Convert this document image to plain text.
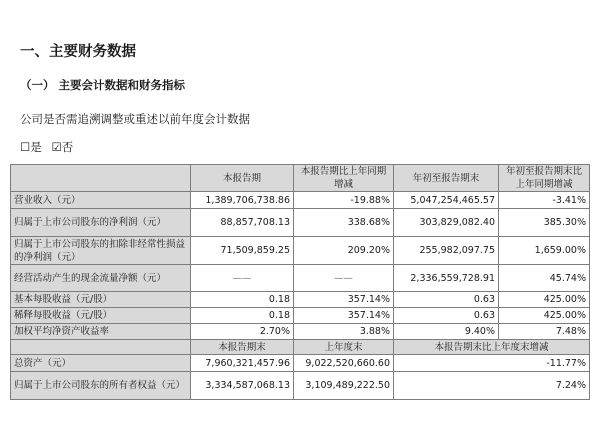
一、主要财务数据
（一） 主要会计数据和财务指标
公司是否需追溯调整或重述以前年度会计数据
☐是 ☑否
	本报告期	本报告期比上年同期增减	年初至报告期末	年初至报告期末比上年同期增减
营业收入（元）	1,389,706,738.86	-19.88%	5,047,254,465.57	-3.41%
归属于上市公司股东的净利润（元）	88,857,708.13	338.68%	303,829,082.40	385.30%
归属于上市公司股东的扣除非经常性损益的净利润（元）	71,509,859.25	209.20%	255,982,097.75	1,659.00%
经营活动产生的现金流量净额（元）	——	——	2,336,559,728.91	45.74%
基本每股收益（元/股）	0.18	357.14%	0.63	425.00%
稀释每股收益（元/股）	0.18	357.14%	0.63	425.00%
加权平均净资产收益率	2.70%	3.88%	9.40%	7.48%
	本报告期末	上年度末	本报告期末比上年度末增减	
总资产（元）	7,960,321,457.96	9,022,520,660.60	-11.77%	
归属于上市公司股东的所有者权益（元）	3,334,587,068.13	3,109,489,222.50	7.24%	
